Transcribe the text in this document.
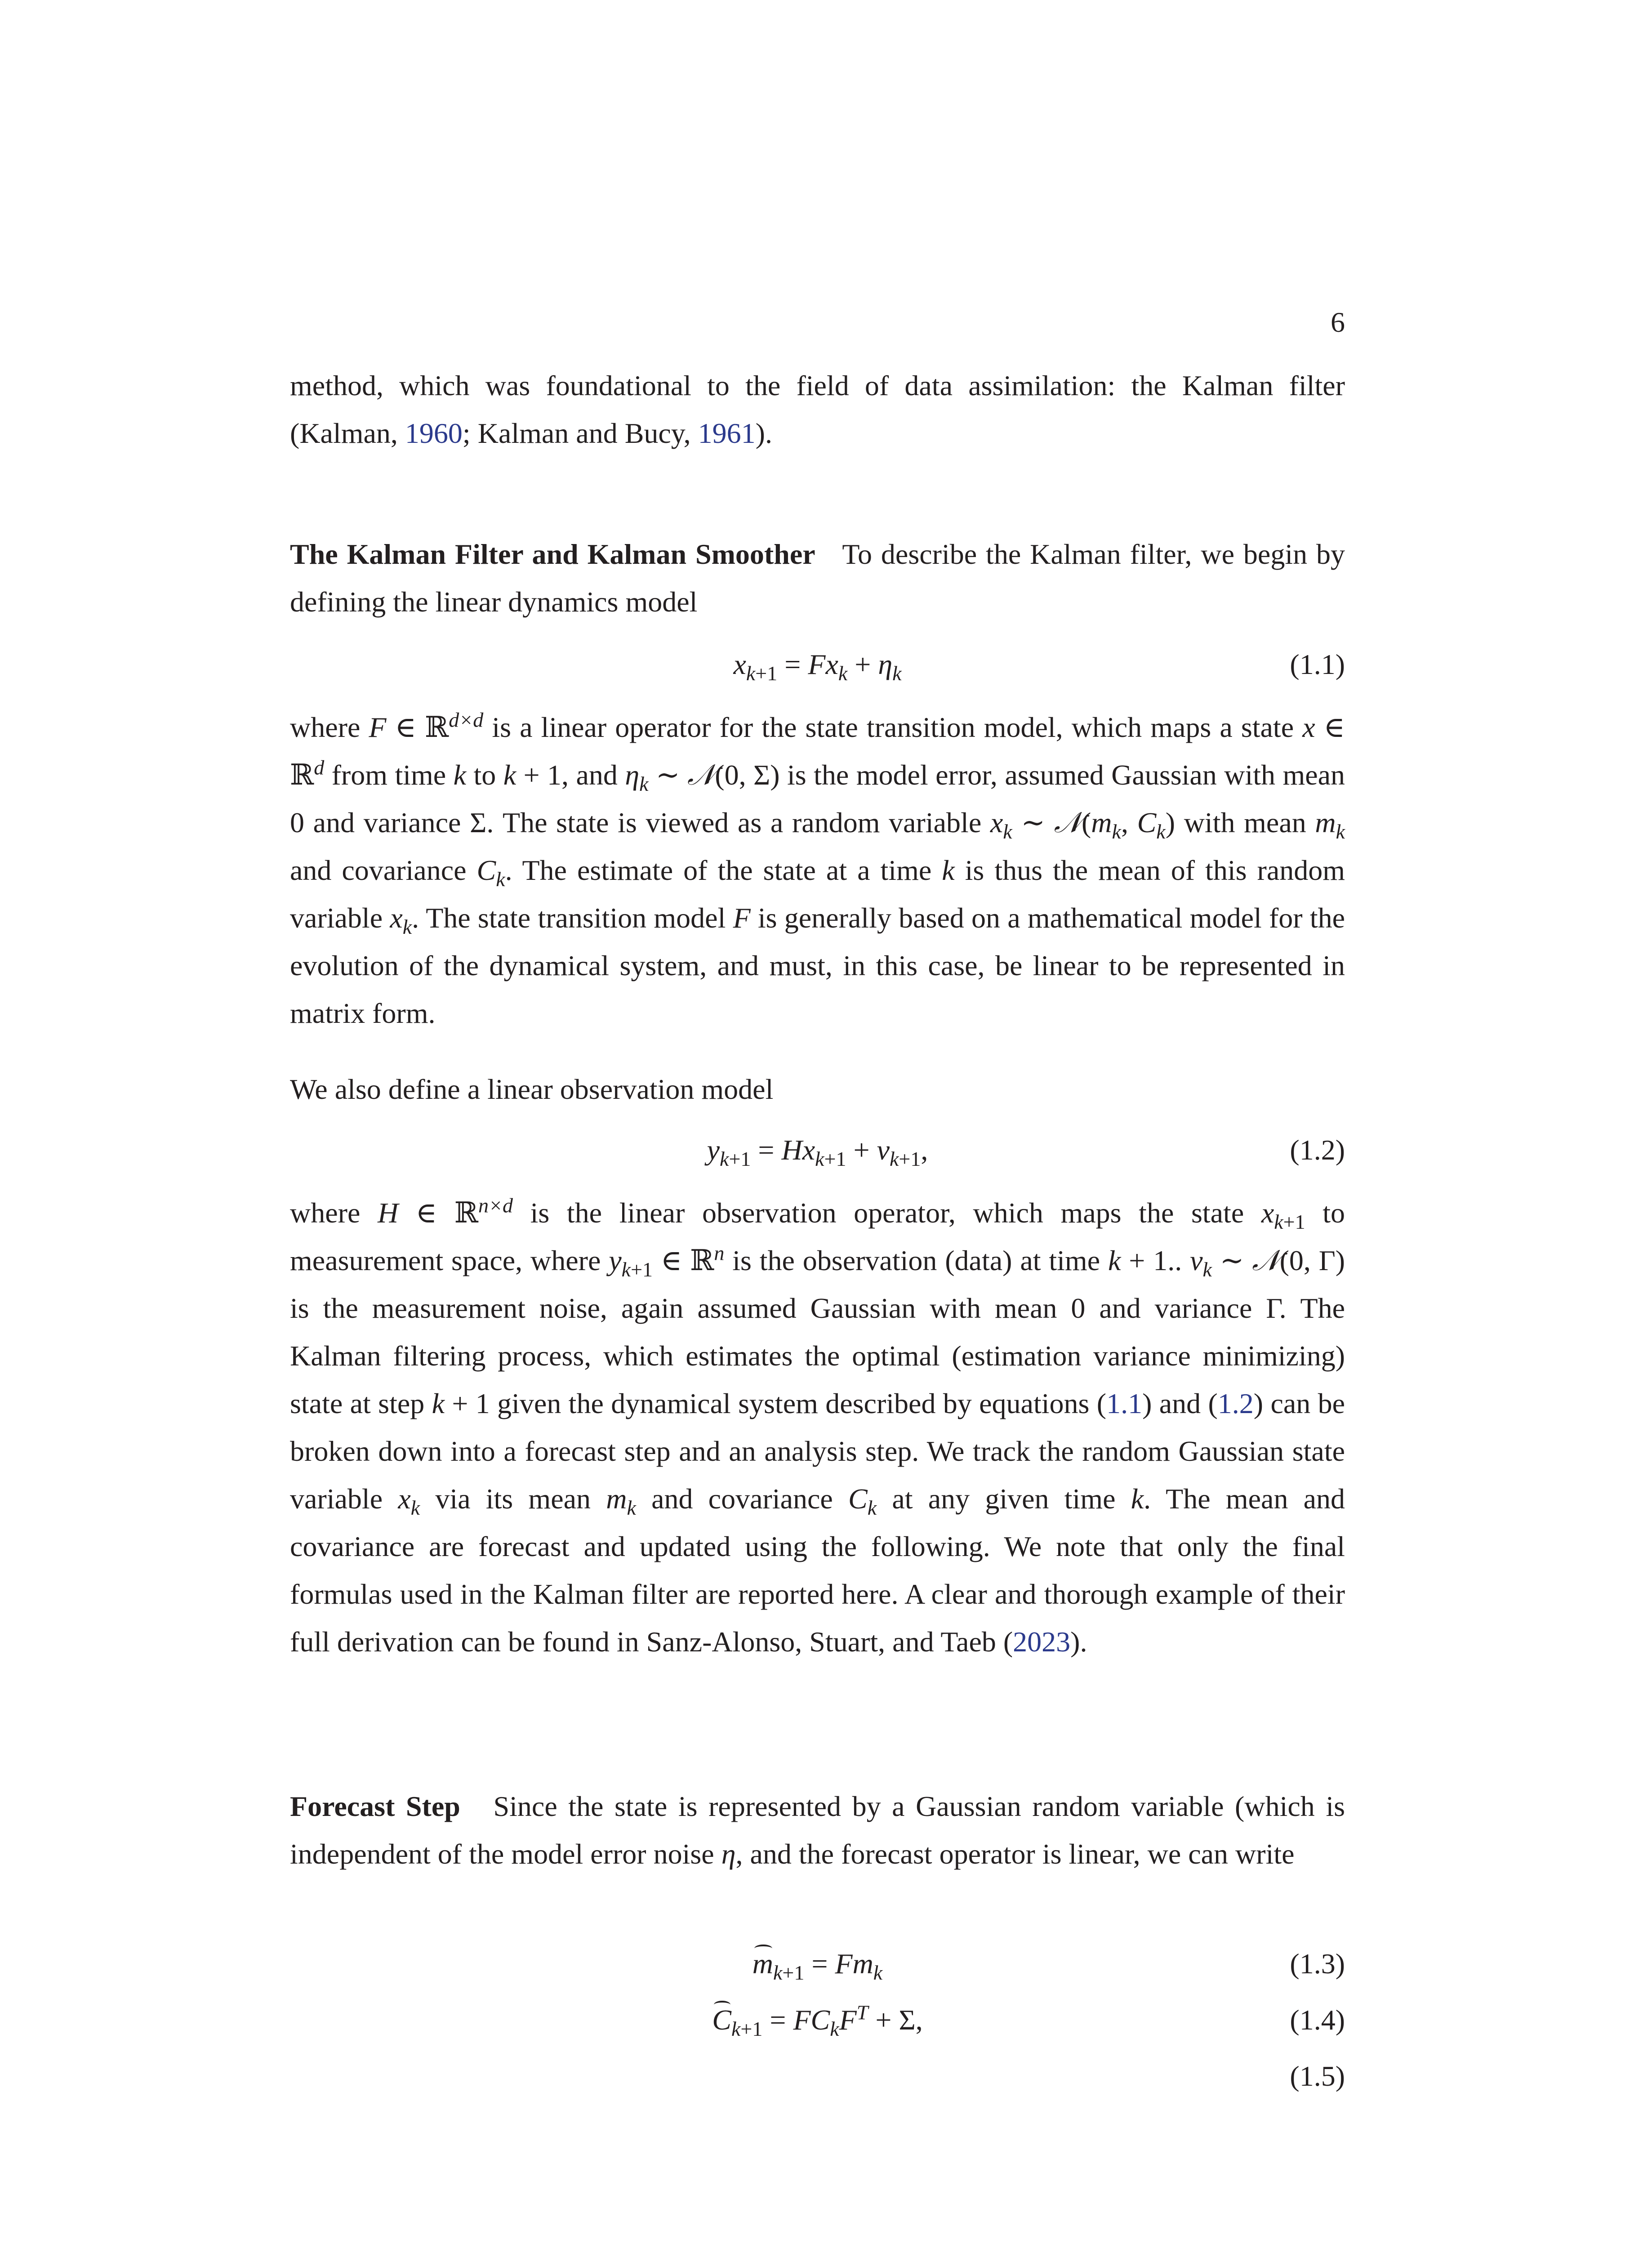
6

method, which was foundational to the field of data assimilation: the Kalman filter (Kalman, 1960; Kalman and Bucy, 1961).

The Kalman Filter and Kalman Smoother To describe the Kalman filter, we begin by defining the linear dynamics model

$x_{k+1} = Fx_k + \eta_k$	(1.1)

where F ∈ ℝ$^{d\times d}$ is a linear operator for the state transition model, which maps a state x ∈ ℝ$^d$ from time k to k + 1, and $\eta_k$ ∼ 𝒩(0, Σ) is the model error, assumed Gaussian with mean 0 and variance Σ. The state is viewed as a random variable $x_k$ ∼ $𝒩(m_k$, $C_k$) with mean $m_k$ and covariance $C_k$. The estimate of the state at a time k is thus the mean of this random variable $x_k$. The state transition model F is generally based on a mathematical model for the evolution of the dynamical system, and must, in this case, be linear to be represented in matrix form.

We also define a linear observation model

$y_{k+1} = Hx_{k+1} + \nu_{k+1}$,	(1.2)

where H ∈ ℝ$^{n\times d}$ is the linear observation operator, which maps the state $x_{k+1}$ to measurement space, where $y_{k+1}$ ∈ ℝ$^n$ is the observation (data) at time k + 1.. $\nu_k$ ∼ 𝒩(0, Γ) is the measurement noise, again assumed Gaussian with mean 0 and variance Γ. The Kalman filtering process, which estimates the optimal (estimation variance minimizing) state at step k + 1 given the dynamical system described by equations (1.1) and (1.2) can be broken down into a forecast step and an analysis step. We track the random Gaussian state variable $x_k$ via its mean $m_k$ and covariance $C_k$ at any given time k. The mean and covariance are forecast and updated using the following. We note that only the final formulas used in the Kalman filter are reported here. A clear and thorough example of their full derivation can be found in Sanz-Alonso, Stuart, and Taeb (2023).

Forecast Step Since the state is represented by a Gaussian random variable (which is independent of the model error noise η, and the forecast operator is linear, we can write

$m_{k+1} = Fm_k$	(1.3)
$C_{k+1} = FC_kF^T + \Sigma$,	(1.4)
(1.5)
